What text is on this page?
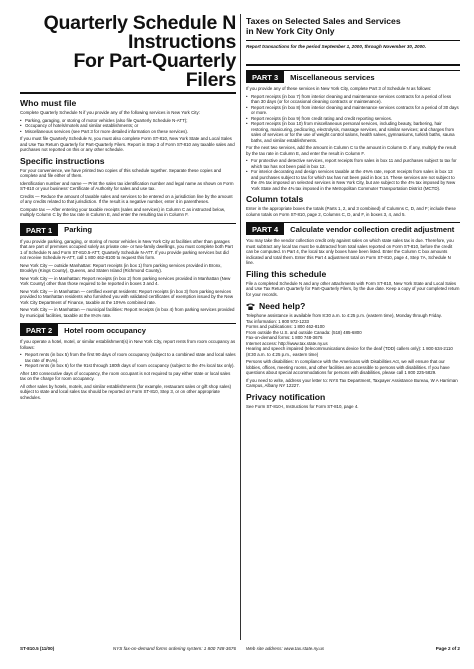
Quarterly Schedule N
Instructions
For Part-Quarterly Filers
Who must file

Complete Quarterly Schedule N if you provide any of the following services in New York City:

• Parking, garaging, or storing of motor vehicles (also file Quarterly Schedule N-ATT);
• Occupancy of hotels/motels and similar establishments; or
• Miscellaneous services (see Part 3 for more detailed information on these services).

If you must file Quarterly Schedule N, you must also complete Form ST-810, New York State and Local Sales and Use Tax Return Quarterly for Part-Quarterly Filers. Report in Step 3 of Form ST-810 any taxable sales and purchases not reported on this or any other schedule.

Specific instructions

For your convenience, we have printed two copies of this schedule together. Separate these copies and complete and file either of them.

Identification number and name — Print the sales tax identification number and legal name as shown on Form ST-810 or your business' Certificate of Authority for sales and use tax.

Credits — Reduce the amount of taxable sales and services to be entered on a jurisdiction line by the amount of any credits related to that jurisdiction. If the result is a negative number, enter it in parentheses.

Compute tax — After entering your taxable receipts (sales and services) in Column C as instructed below, multiply Column C by the tax rate in Column E, and enter the resulting tax in Column F.

PART 1	Parking

If you provide parking, garaging, or storing of motor vehicles in New York City at facilities other than garages that are part of premises occupied solely as private one- or two-family dwellings, you must complete both Part 1 of Schedule N and Form ST-810.5-ATT, Quarterly Schedule N-ATT. If you provide parking services but did not receive Schedule N-ATT, call 1 800 462-8100 to request this form.

New York City — outside Manhattan: Report receipts (in box 1) from parking services provided in Bronx, Brooklyn (Kings County), Queens, and Staten Island (Richmond County).

New York City — in Manhattan: Report receipts (in box 2) from parking services provided in Manhattan (New York County) other than those required to be reported in boxes 3 and 4.

New York City — in Manhattan — certified exempt residents: Report receipts (in box 3) from parking services provided to Manhattan residents who furnished you with validated certificates of exemption issued by the New York City Department of Finance, taxable at the 10⅜% combined rate.

New York City — in Manhattan — municipal facilities: Report receipts (in box 4) from parking services provided by municipal facilities, taxable at the 8¼% rate.

PART 2	Hotel room occupancy

If you operate a hotel, motel, or similar establishment(s) in New York City, report rents from room occupancy as follows:

• Report rents (in box 5) from the first 90 days of room occupancy (subject to a combined state and local sales tax rate of 8¼%).
• Report rents (in box 6) for the 91st through 180th days of room occupancy (subject to the 4% local tax only).

After 180 consecutive days of occupancy, the room occupant is not required to pay either state or local sales tax on the charge for room occupancy.

All other sales by hotels, motels, and similar establishments (for example, restaurant sales or gift shop sales) subject to state and local sales tax should be reported on Form ST-810, Step 3, or on other appropriate schedules.

Taxes on Selected Sales and Services
in New York City Only
Report transactions for the period September 1, 2000, through November 30, 2000.
PART 3	Miscellaneous services

If you provide any of these services in New York City, complete Part 3 of Schedule N as follows:

• Report receipts (in box 7) from interior cleaning and maintenance services contracts for a period of less than 30 days (or for occasional cleaning contracts or maintenance).
• Report receipts (in box 8) from interior cleaning and maintenance services contracts for a period of 30 days or more.
• Report receipts (in box 9) from credit rating and credit reporting services.
• Report receipts (in box 10) from miscellaneous personal services, including beauty, barbering, hair restoring, manicuring, pedicuring, electrolysis, massage services, and similar services; and charges from sales of services or for the use of weight control salons, health salves, gymnasiums, turkish baths, sauna baths, and similar establishments.

For the next two services, add the amount in Column C to the amount in Column D. If any, multiply the result by the tax rate in Column E, and enter the result in Column F.

• For protective and detective services, report receipts from sales in box 11 and purchases subject to tax for which tax has not been paid in box 12.
• For interior decorating and design services taxable at the 4⅜% rate, report receipts from sales in box 13 and purchases subject to tax for which tax has not been paid in box 14. These services are not subject to the 4% tax imposed on selected services in New York City, but are subject to the 4% tax imposed by New York State and the 4⅜ tax imposed in the Metropolitan Commuter Transportation District (MCTD).
Column totals

Enter in the appropriate boxes the totals (Parts 1, 2, and 3 combined) of Columns C, D, and F; include these column totals on Form ST-810, page 2, Columns C, D, and F, in boxes 3, 4, and 5.

PART 4	Calculate vendor collection credit adjustment

You may take the vendor collection credit only against sales on which state sales tax is due. Therefore, you must subtract any local tax must be subtracted from total sales reported on Form ST-810, before the credit can be computed. In Part 4, the local tax only boxes have been listed. Enter the Column C box amounts indicated and total them. Enter this Part 4 adjustment total on Form ST-810, page 4, Step 7A, Schedule N line.

Filing this schedule

File a completed Schedule N and any other attachments with Form ST-810, New York State and Local Sales and Use Tax Return Quarterly for Part-Quarterly Filers, by the due date. Keep a copy of your completed return for your records.

Need help?

Telephone assistance is available from 8:30 a.m. to 4:25 p.m. (eastern time), Monday through Friday.

Tax information: 1 800 972-1233

Forms and publications: 1 800 462-8100

From outside the U.S. and outside Canada: (518) 485-6800

Fax-on-demand forms: 1 800 748-3676

Internet access: http://www.tax.state.ny.us

Hearing and speech impaired (telecommunications device for the deaf (TDD) callers only): 1 800 634-2110 (8:30 a.m. to 4:25 p.m., eastern time)

Persons with disabilities: In compliance with the Americans with Disabilities Act, we will ensure that our lobbies, offices, meeting rooms, and other facilities are accessible to persons with disabilities. If you have questions about special accommodations for persons with disabilities, please call 1 800 225-5829.

If you need to write, address your letter to: NYS Tax Department, Taxpayer Assistance Bureau, W A Harriman Campus, Albany NY 12227.

Privacy notification

See Form ST-810-I, Instructions for Form ST-810, page 4.

ST-810.5 (11/00)	NYS fax-on-demand forms ordering system: 1 800 748-3676 Web site address: www.tax.state.ny.us	Page 2 of 2
